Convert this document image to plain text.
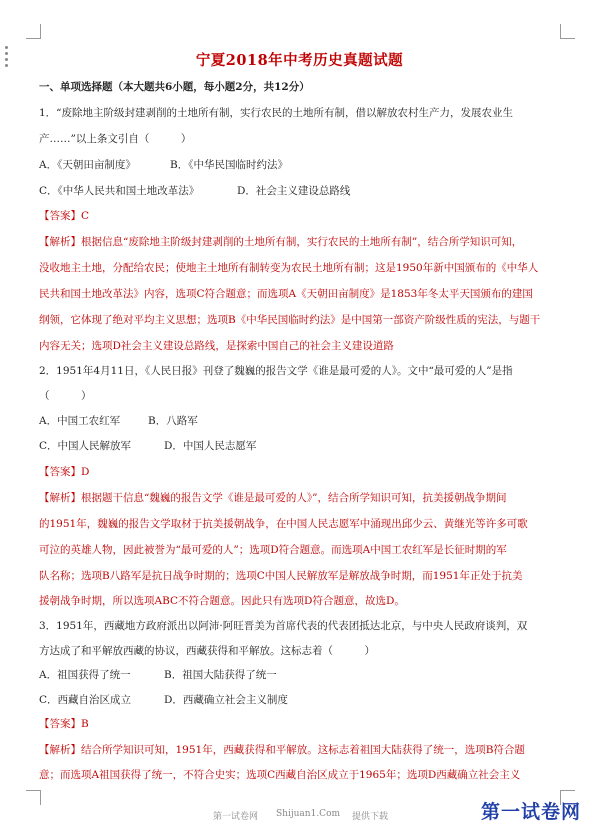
宁夏2018年中考历史真题试题
一、单项选择题（本大题共6小题，每小题2分，共12分）
1．“废除地主阶级封建剥削的土地所有制，实行农民的土地所有制，借以解放农村生产力，发展农业生
产……”以上条文引自（　　　）
A．《天朝田亩制度》	B．《中华民国临时约法》
C．《中华人民共和国土地改革法》	D．社会主义建设总路线
【答案】C
【解析】根据信息“废除地主阶级封建剥削的土地所有制，实行农民的土地所有制”，结合所学知识可知，
没收地主土地，分配给农民；使地主土地所有制转变为农民土地所有制；这是1950年新中国颁布的《中华人
民共和国土地改革法》内容，选项C符合题意；而选项A《天朝田亩制度》是1853年冬太平天国颁布的建国
纲领，它体现了绝对平均主义思想；选项B《中华民国临时约法》是中国第一部资产阶级性质的宪法，与题干
内容无关；选项D社会主义建设总路线，是探索中国自己的社会主义建设道路
2．1951年4月11日，《人民日报》刊登了魏巍的报告文学《谁是最可爱的人》。文中“最可爱的人”是指
（　　　）
A．中国工农红军	B．八路军
C．中国人民解放军	D．中国人民志愿军
【答案】D
【解析】根据题干信息“魏巍的报告文学《谁是最可爱的人》”，结合所学知识可知，抗美援朝战争期间
的1951年，魏巍的报告文学取材于抗美援朝战争，在中国人民志愿军中涌现出邱少云、黄继光等许多可歌
可泣的英雄人物，因此被誉为“最可爱的人”；选项D符合题意。而选项A中国工农红军是长征时期的军
队名称；选项B八路军是抗日战争时期的；选项C中国人民解放军是解放战争时期，而1951年正处于抗美
援朝战争时期，所以选项ABC不符合题意。因此只有选项D符合题意，故选D。
3．1951年，西藏地方政府派出以阿沛·阿旺晋美为首席代表的代表团抵达北京，与中央人民政府谈判，双
方达成了和平解放西藏的协议，西藏获得和平解放。这标志着（　　　）
A．祖国获得了统一	B．祖国大陆获得了统一
C．西藏自治区成立	D．西藏确立社会主义制度
【答案】B
【解析】结合所学知识可知，1951年，西藏获得和平解放。这标志着祖国大陆获得了统一，选项B符合题
意；而选项A祖国获得了统一，不符合史实；选项C西藏自治区成立于1965年；选项D西藏确立社会主义
第一试卷网 Shijuan1.Com 提供下载	第一试卷网
